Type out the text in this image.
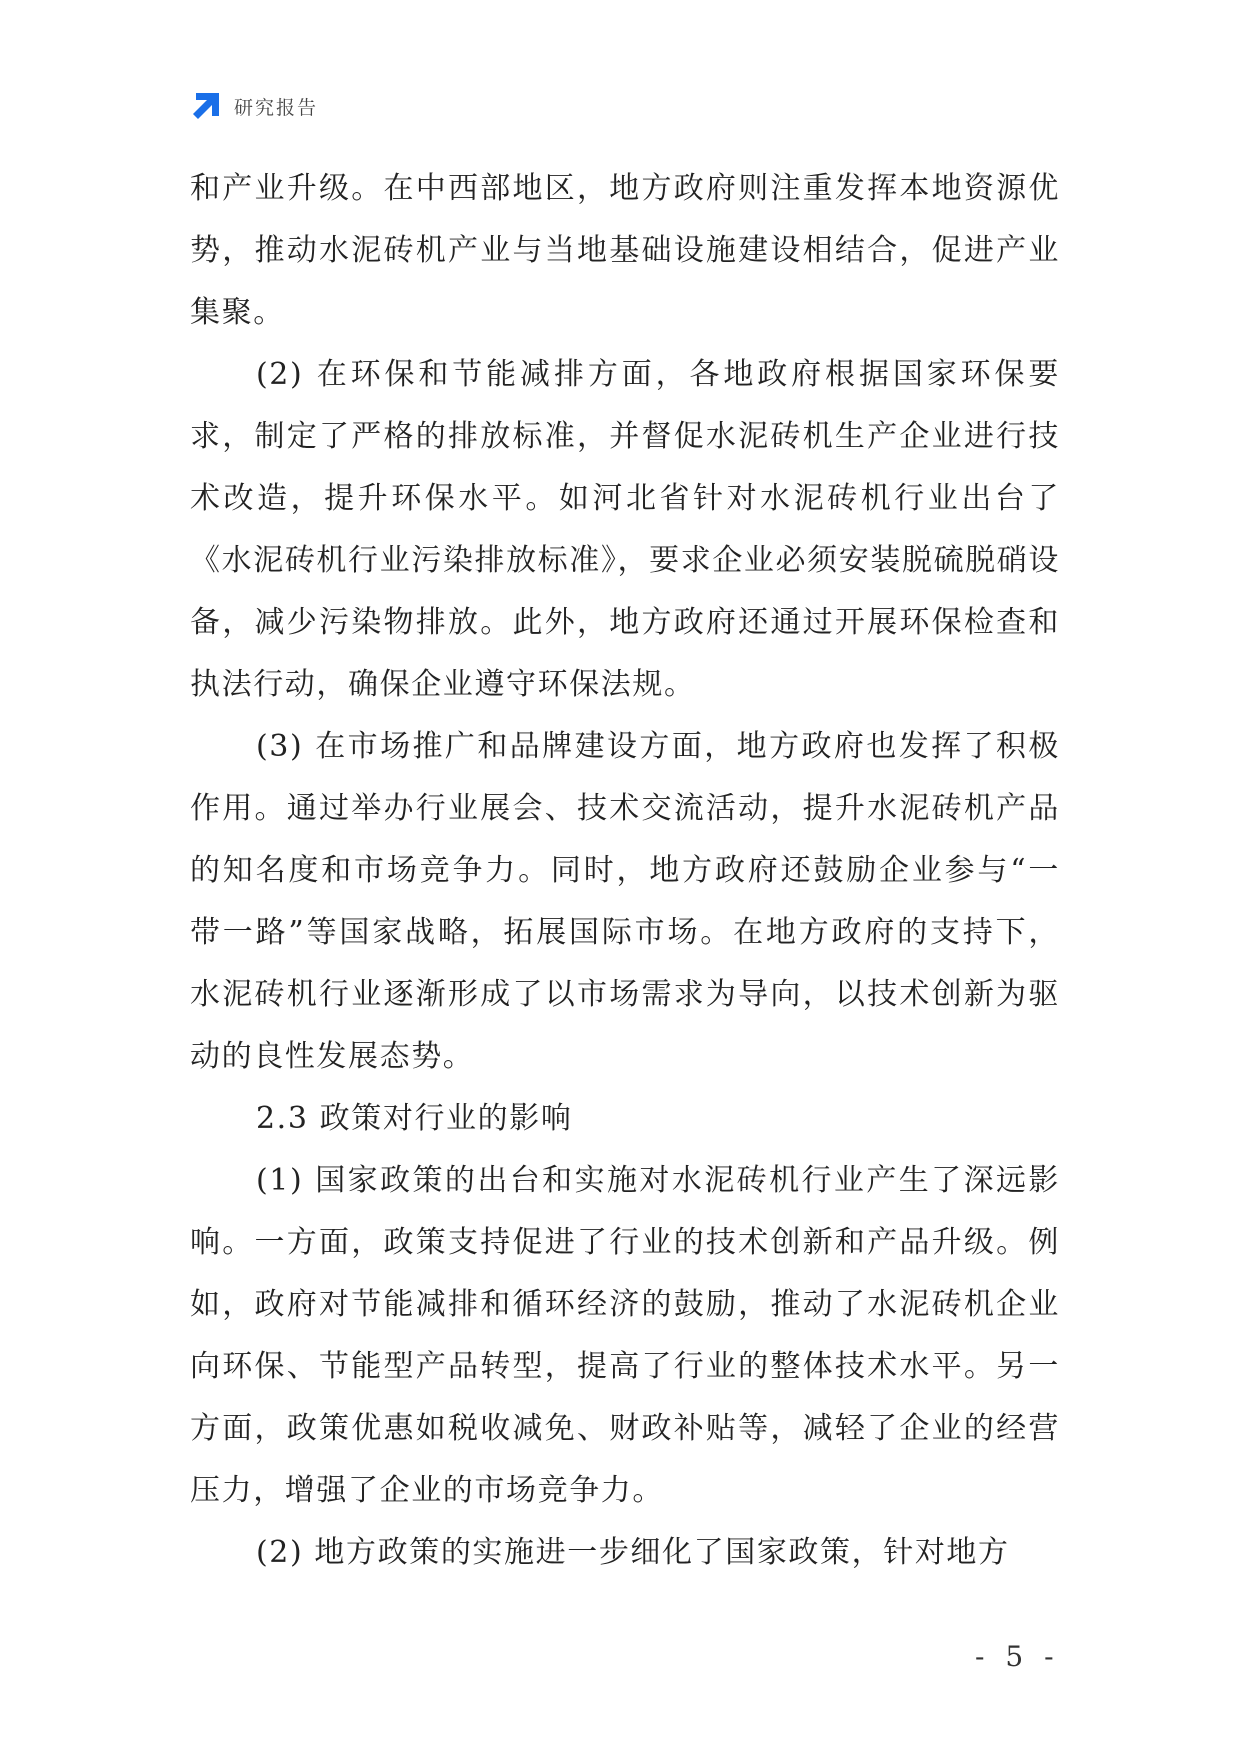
研究报告

和产业升级。在中西部地区，地方政府则注重发挥本地资源优势，推动水泥砖机产业与当地基础设施建设相结合，促进产业集聚。

(2) 在环保和节能减排方面，各地政府根据国家环保要求，制定了严格的排放标准，并督促水泥砖机生产企业进行技术改造，提升环保水平。如河北省针对水泥砖机行业出台了《水泥砖机行业污染排放标准》，要求企业必须安装脱硫脱硝设备，减少污染物排放。此外，地方政府还通过开展环保检查和执法行动，确保企业遵守环保法规。

(3) 在市场推广和品牌建设方面，地方政府也发挥了积极作用。通过举办行业展会、技术交流活动，提升水泥砖机产品的知名度和市场竞争力。同时，地方政府还鼓励企业参与“一带一路”等国家战略，拓展国际市场。在地方政府的支持下，水泥砖机行业逐渐形成了以市场需求为导向，以技术创新为驱动的良性发展态势。

2.3 政策对行业的影响

(1) 国家政策的出台和实施对水泥砖机行业产生了深远影响。一方面，政策支持促进了行业的技术创新和产品升级。例如，政府对节能减排和循环经济的鼓励，推动了水泥砖机企业向环保、节能型产品转型，提高了行业的整体技术水平。另一方面，政策优惠如税收减免、财政补贴等，减轻了企业的经营压力，增强了企业的市场竞争力。

(2) 地方政策的实施进一步细化了国家政策，针对地方

- 5 -
